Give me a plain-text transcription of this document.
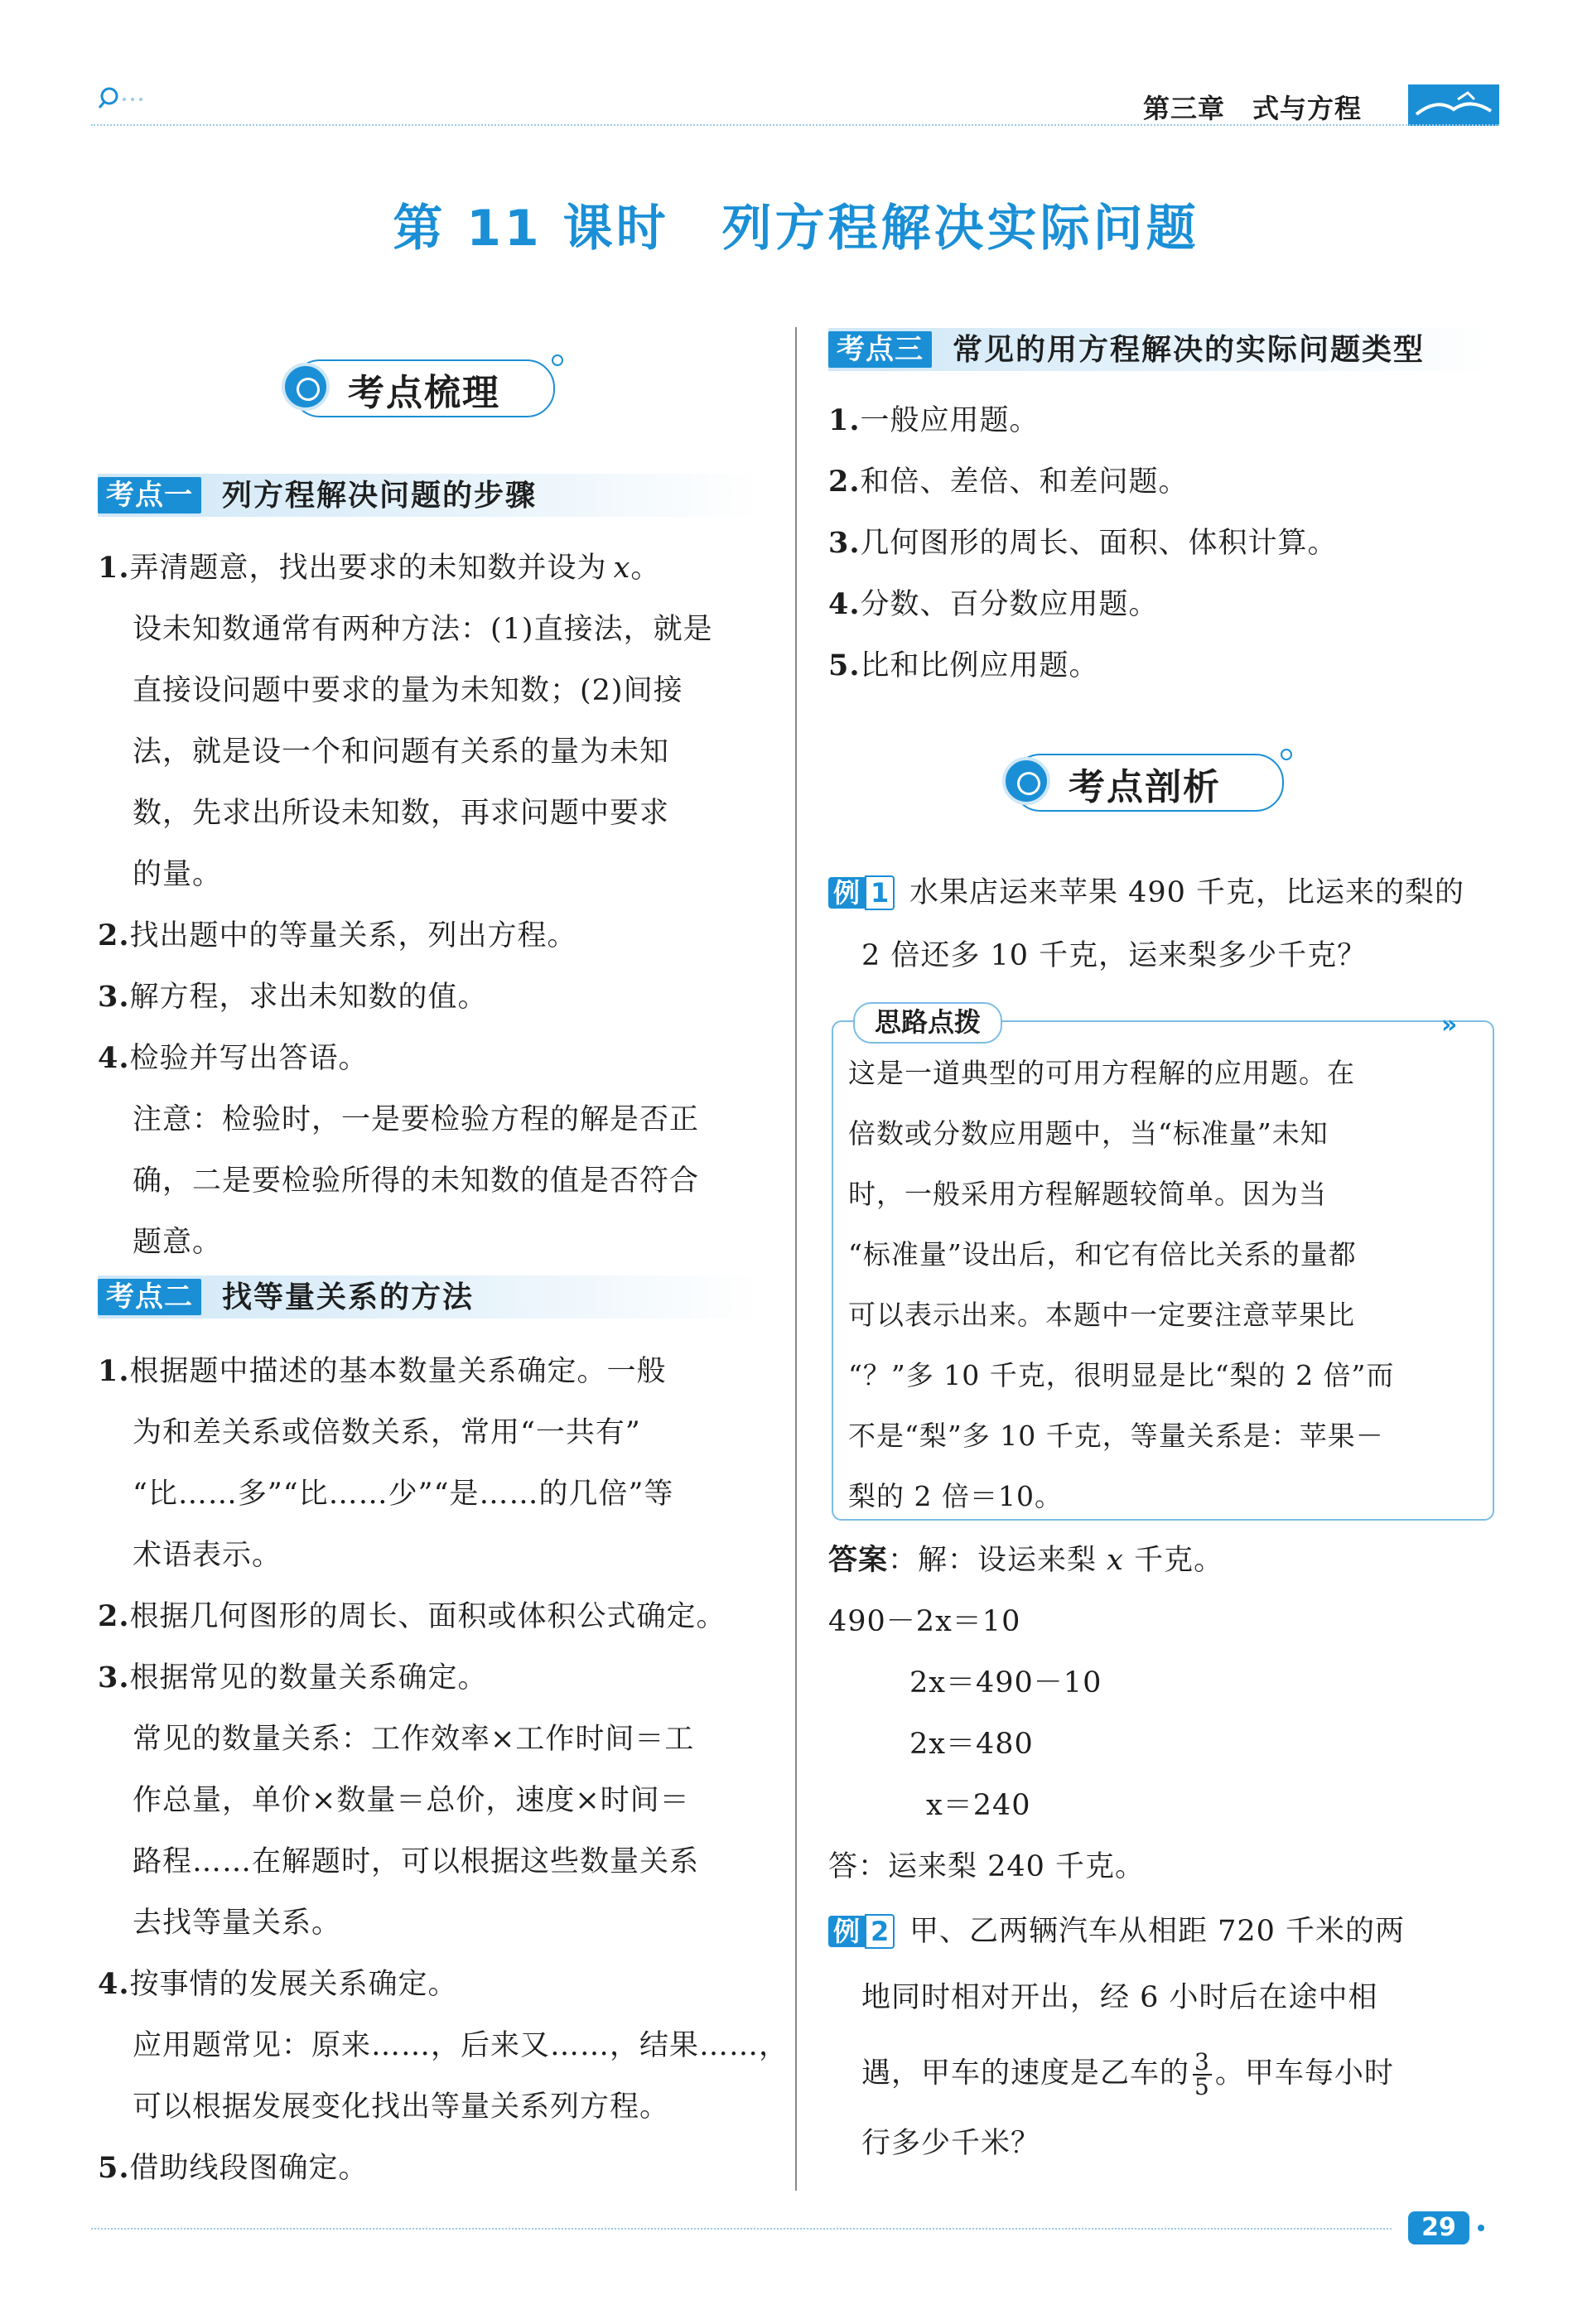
第三章　式与方程
第 11 课时　列方程解决实际问题
考点梳理
考点一 列方程解决问题的步骤
1.弄清题意，找出要求的未知数并设为 x。
设未知数通常有两种方法：(1)直接法，就是
直接设问题中要求的量为未知数；(2)间接
法，就是设一个和问题有关系的量为未知
数，先求出所设未知数，再求问题中要求
的量。
2.找出题中的等量关系，列出方程。
3.解方程，求出未知数的值。
4.检验并写出答语。
注意：检验时，一是要检验方程的解是否正
确，二是要检验所得的未知数的值是否符合
题意。
考点二 找等量关系的方法
1.根据题中描述的基本数量关系确定。一般
为和差关系或倍数关系，常用“一共有”
“比……多”“比……少”“是……的几倍”等
术语表示。
2.根据几何图形的周长、面积或体积公式确定。
3.根据常见的数量关系确定。
常见的数量关系：工作效率×工作时间＝工
作总量，单价×数量＝总价，速度×时间＝
路程……在解题时，可以根据这些数量关系
去找等量关系。
4.按事情的发展关系确定。
应用题常见：原来……，后来又……，结果……，
可以根据发展变化找出等量关系列方程。
5.借助线段图确定。
考点三 常见的用方程解决的实际问题类型
1.一般应用题。
2.和倍、差倍、和差问题。
3.几何图形的周长、面积、体积计算。
4.分数、百分数应用题。
5.比和比例应用题。
考点剖析
例 1 水果店运来苹果 490 千克，比运来的梨的
2 倍还多 10 千克，运来梨多少千克？
思路点拨	»
这是一道典型的可用方程解的应用题。在
倍数或分数应用题中，当“标准量”未知
时，一般采用方程解题较简单。因为当
“标准量”设出后，和它有倍比关系的量都
可以表示出来。本题中一定要注意苹果比
“？”多 10 千克，很明显是比“梨的 2 倍”而
不是“梨”多 10 千克，等量关系是：苹果－
梨的 2 倍＝10。
答案：解：设运来梨 x 千克。
490－2x＝10
2x＝490－10
2x＝480
x＝240
答：运来梨 240 千克。
例 2 甲、乙两辆汽车从相距 720 千米的两
地同时相对开出，经 6 小时后在途中相
遇，甲车的速度是乙车的 $\frac{3}{5}$ 。甲车每小时
行多少千米？
29
